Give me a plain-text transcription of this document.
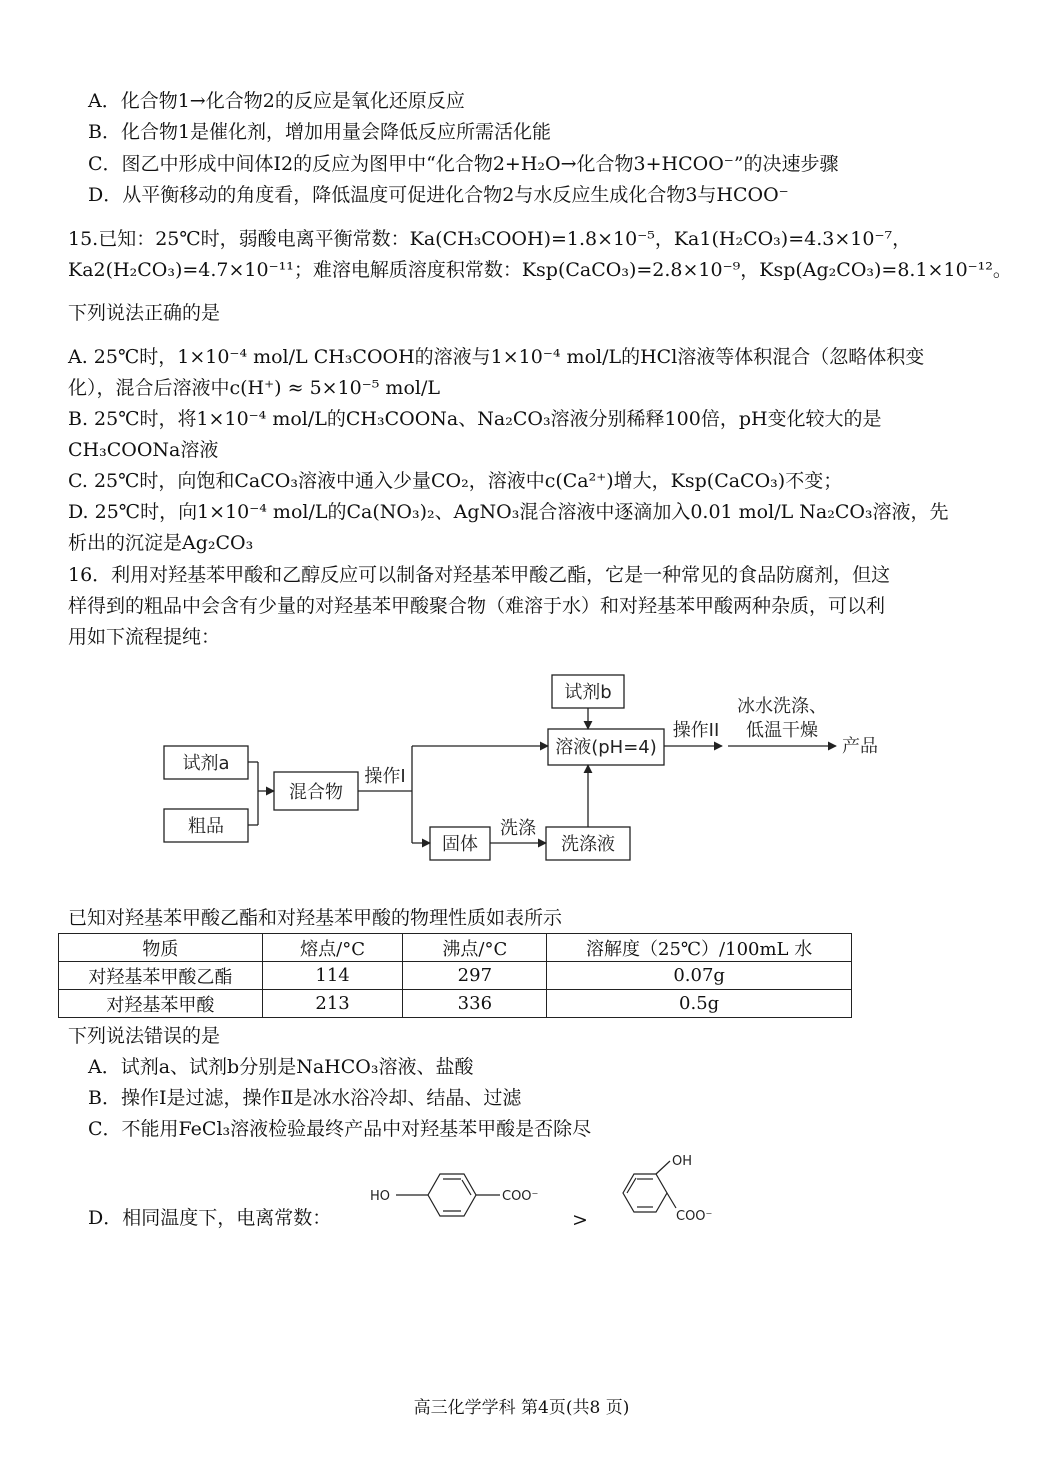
A．化合物1→化合物2的反应是氧化还原反应
B．化合物1是催化剂，增加用量会降低反应所需活化能
C．图乙中形成中间体I2的反应为图甲中“化合物2+H₂O→化合物3+HCOO⁻”的决速步骤
D．从平衡移动的角度看，降低温度可促进化合物2与水反应生成化合物3与HCOO⁻
15.已知：25℃时，弱酸电离平衡常数：Ka(CH₃COOH)=1.8×10⁻⁵，Ka1(H₂CO₃)=4.3×10⁻⁷，
Ka2(H₂CO₃)=4.7×10⁻¹¹；难溶电解质溶度积常数：Ksp(CaCO₃)=2.8×10⁻⁹，Ksp(Ag₂CO₃)=8.1×10⁻¹²。
下列说法正确的是
A. 25℃时，1×10⁻⁴ mol/L CH₃COOH的溶液与1×10⁻⁴ mol/L的HCl溶液等体积混合（忽略体积变
化），混合后溶液中c(H⁺) ≈ 5×10⁻⁵ mol/L
B. 25℃时，将1×10⁻⁴ mol/L的CH₃COONa、Na₂CO₃溶液分别稀释100倍，pH变化较大的是
CH₃COONa溶液
C. 25℃时，向饱和CaCO₃溶液中通入少量CO₂，溶液中c(Ca²⁺)增大，Ksp(CaCO₃)不变；
D. 25℃时，向1×10⁻⁴ mol/L的Ca(NO₃)₂、AgNO₃混合溶液中逐滴加入0.01 mol/L Na₂CO₃溶液，先
析出的沉淀是Ag₂CO₃
16．利用对羟基苯甲酸和乙醇反应可以制备对羟基苯甲酸乙酯，它是一种常见的食品防腐剂，但这
样得到的粗品中会含有少量的对羟基苯甲酸聚合物（难溶于水）和对羟基苯甲酸两种杂质，可以利
用如下流程提纯：
试剂a
粗品
混合物
操作I
固体
洗涤
洗涤液
试剂b
溶液(pH=4)
操作II
冰水洗涤、
低温干燥
产品
已知对羟基苯甲酸乙酯和对羟基苯甲酸的物理性质如表所示
物质	熔点/°C	沸点/°C	溶解度（25℃）/100mL 水
对羟基苯甲酸乙酯	114	297	0.07g
对羟基苯甲酸	213	336	0.5g
下列说法错误的是
A．试剂a、试剂b分别是NaHCO₃溶液、盐酸
B．操作Ⅰ是过滤，操作Ⅱ是冰水浴冷却、结晶、过滤
C．不能用FeCl₃溶液检验最终产品中对羟基苯甲酸是否除尽
D．相同温度下，电离常数：
HO	COO⁻
>
OH
COO⁻
高三化学学科 第4页(共8 页)
